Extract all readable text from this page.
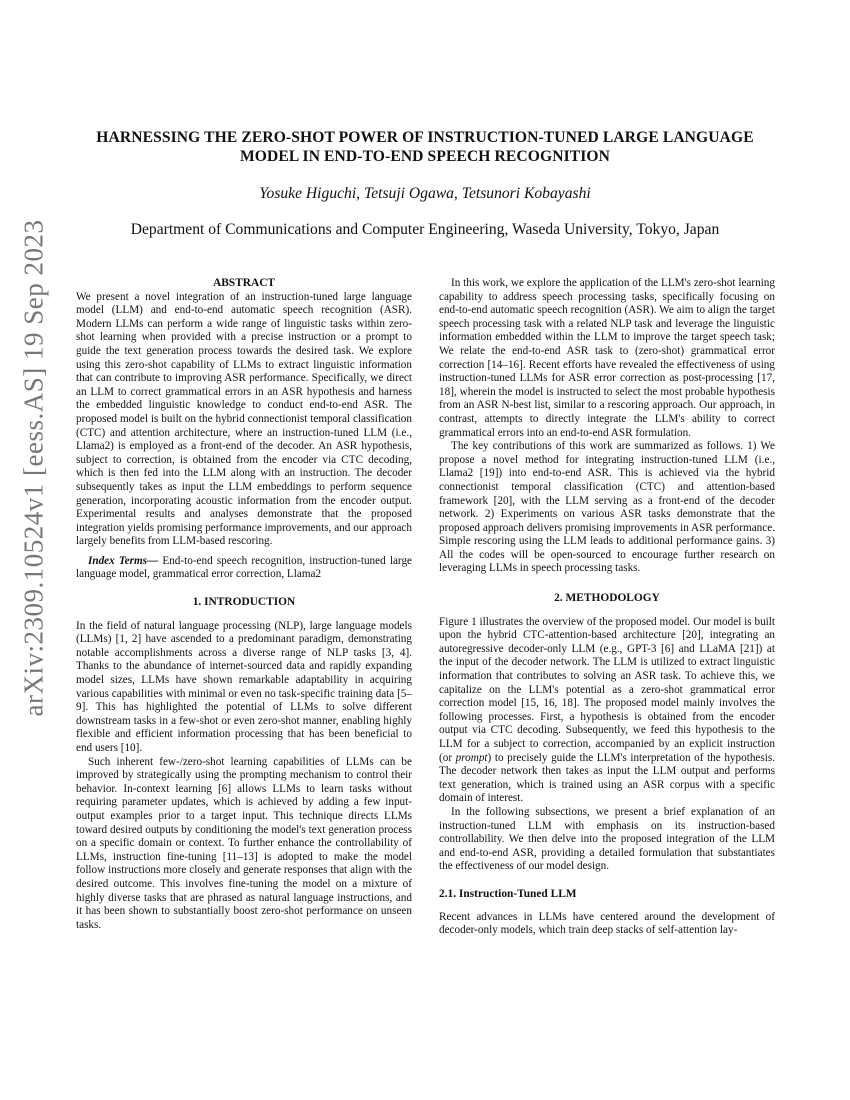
HARNESSING THE ZERO-SHOT POWER OF INSTRUCTION-TUNED LARGE LANGUAGE
MODEL IN END-TO-END SPEECH RECOGNITION
Yosuke Higuchi, Tetsuji Ogawa, Tetsunori Kobayashi
Department of Communications and Computer Engineering, Waseda University, Tokyo, Japan
arXiv:2309.10524v1 [eess.AS] 19 Sep 2023	ABSTRACT

We present a novel integration of an instruction-tuned large language model (LLM) and end-to-end automatic speech recognition (ASR). Modern LLMs can perform a wide range of linguistic tasks within zero-shot learning when provided with a precise instruction or a prompt to guide the text generation process towards the desired task. We explore using this zero-shot capability of LLMs to extract linguistic information that can contribute to improving ASR performance. Specifically, we direct an LLM to correct grammatical errors in an ASR hypothesis and harness the embedded linguistic knowledge to conduct end-to-end ASR. The proposed model is built on the hybrid connectionist temporal classification (CTC) and attention architecture, where an instruction-tuned LLM (i.e., Llama2) is employed as a front-end of the decoder. An ASR hypothesis, subject to correction, is obtained from the encoder via CTC decoding, which is then fed into the LLM along with an instruction. The decoder subsequently takes as input the LLM embeddings to perform sequence generation, incorporating acoustic information from the encoder output. Experimental results and analyses demonstrate that the proposed integration yields promising performance improvements, and our approach largely benefits from LLM-based rescoring.

Index Terms— End-to-end speech recognition, instruction-tuned large language model, grammatical error correction, Llama2

1. INTRODUCTION

In the field of natural language processing (NLP), large language models (LLMs) [1, 2] have ascended to a predominant paradigm, demonstrating notable accomplishments across a diverse range of NLP tasks [3, 4]. Thanks to the abundance of internet-sourced data and rapidly expanding model sizes, LLMs have shown remarkable adaptability in acquiring various capabilities with minimal or even no task-specific training data [5–9]. This has highlighted the potential of LLMs to solve different downstream tasks in a few-shot or even zero-shot manner, enabling highly flexible and efficient information processing that has been beneficial to end users [10].

Such inherent few-/zero-shot learning capabilities of LLMs can be improved by strategically using the prompting mechanism to control their behavior. In-context learning [6] allows LLMs to learn tasks without requiring parameter updates, which is achieved by adding a few input-output examples prior to a target input. This technique directs LLMs toward desired outputs by conditioning the model's text generation process on a specific domain or context. To further enhance the controllability of LLMs, instruction fine-tuning [11–13] is adopted to make the model follow instructions more closely and generate responses that align with the desired outcome. This involves fine-tuning the model on a mixture of highly diverse tasks that are phrased as natural language instructions, and it has been shown to substantially boost zero-shot performance on unseen tasks.

In this work, we explore the application of the LLM's zero-shot learning capability to address speech processing tasks, specifically focusing on end-to-end automatic speech recognition (ASR). We aim to align the target speech processing task with a related NLP task and leverage the linguistic information embedded within the LLM to improve the target speech task; We relate the end-to-end ASR task to (zero-shot) grammatical error correction [14–16]. Recent efforts have revealed the effectiveness of using instruction-tuned LLMs for ASR error correction as post-processing [17, 18], wherein the model is instructed to select the most probable hypothesis from an ASR N-best list, similar to a rescoring approach. Our approach, in contrast, attempts to directly integrate the LLM's ability to correct grammatical errors into an end-to-end ASR formulation.

The key contributions of this work are summarized as follows. 1) We propose a novel method for integrating instruction-tuned LLM (i.e., Llama2 [19]) into end-to-end ASR. This is achieved via the hybrid connectionist temporal classification (CTC) and attention-based framework [20], with the LLM serving as a front-end of the decoder network. 2) Experiments on various ASR tasks demonstrate that the proposed approach delivers promising improvements in ASR performance. Simple rescoring using the LLM leads to additional performance gains. 3) All the codes will be open-sourced to encourage further research on leveraging LLMs in speech processing tasks.

2. METHODOLOGY

Figure 1 illustrates the overview of the proposed model. Our model is built upon the hybrid CTC-attention-based architecture [20], integrating an autoregressive decoder-only LLM (e.g., GPT-3 [6] and LLaMA [21]) at the input of the decoder network. The LLM is utilized to extract linguistic information that contributes to solving an ASR task. To achieve this, we capitalize on the LLM's potential as a zero-shot grammatical error correction model [15, 16, 18]. The proposed model mainly involves the following processes. First, a hypothesis is obtained from the encoder output via CTC decoding. Subsequently, we feed this hypothesis to the LLM for a subject to correction, accompanied by an explicit instruction (or prompt) to precisely guide the LLM's interpretation of the hypothesis. The decoder network then takes as input the LLM output and performs text generation, which is trained using an ASR corpus with a specific domain of interest.

In the following subsections, we present a brief explanation of an instruction-tuned LLM with emphasis on its instruction-based controllability. We then delve into the proposed integration of the LLM and end-to-end ASR, providing a detailed formulation that substantiates the effectiveness of our model design.

2.1. Instruction-Tuned LLM

Recent advances in LLMs have centered around the development of decoder-only models, which train deep stacks of self-attention lay-
